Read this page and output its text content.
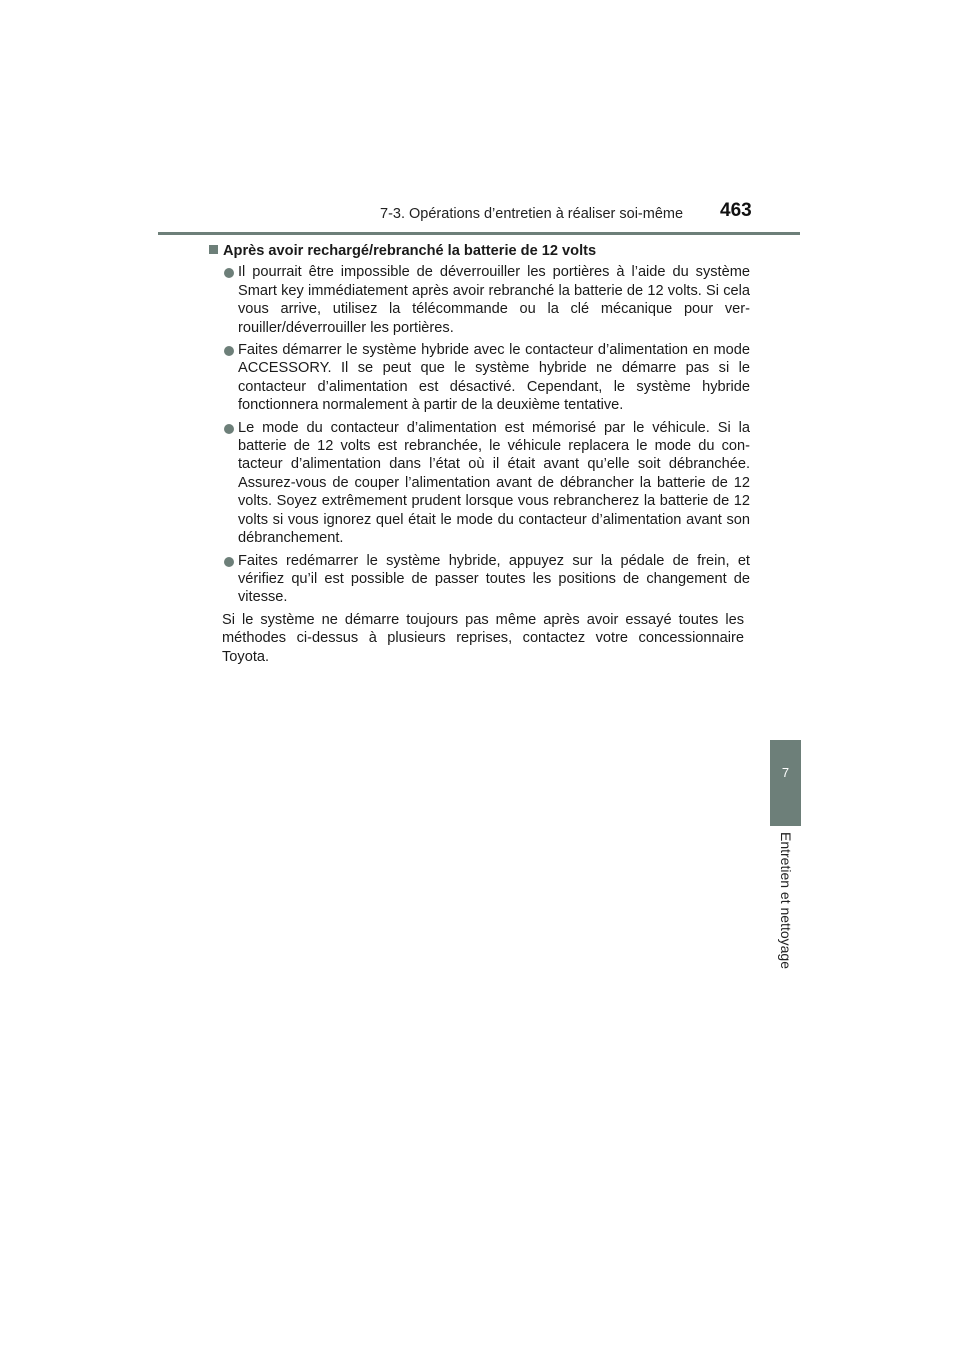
7-3. Opérations d’entretien à réaliser soi-même 463
7
Entretien et nettoyage
Après avoir rechargé/rebranché la batterie de 12 volts
Il pourrait être impossible de déverrouiller les portières à l’aide du système Smart key immédiatement après avoir rebranché la batterie de 12 volts. Si cela vous arrive, utilisez la télécommande ou la clé mécanique pour verrouiller/déverrouiller les portières.
Faites démarrer le système hybride avec le contacteur d’alimentation en mode ACCESSORY. Il se peut que le système hybride ne démarre pas si le contacteur d’alimentation est désactivé. Cependant, le système hybride fonctionnera normalement à partir de la deuxième tentative.
Le mode du contacteur d’alimentation est mémorisé par le véhicule. Si la batterie de 12 volts est rebranchée, le véhicule replacera le mode du contacteur d’alimentation dans l’état où il était avant qu’elle soit débranchée. Assurez-vous de couper l’alimentation avant de débrancher la batterie de 12 volts. Soyez extrêmement prudent lorsque vous rebrancherez la batterie de 12 volts si vous ignorez quel était le mode du contacteur d’alimentation avant son débranchement.
Faites redémarrer le système hybride, appuyez sur la pédale de frein, et vérifiez qu’il est possible de passer toutes les positions de changement de vitesse.
Si le système ne démarre toujours pas même après avoir essayé toutes les méthodes ci-dessus à plusieurs reprises, contactez votre concessionnaire Toyota.
